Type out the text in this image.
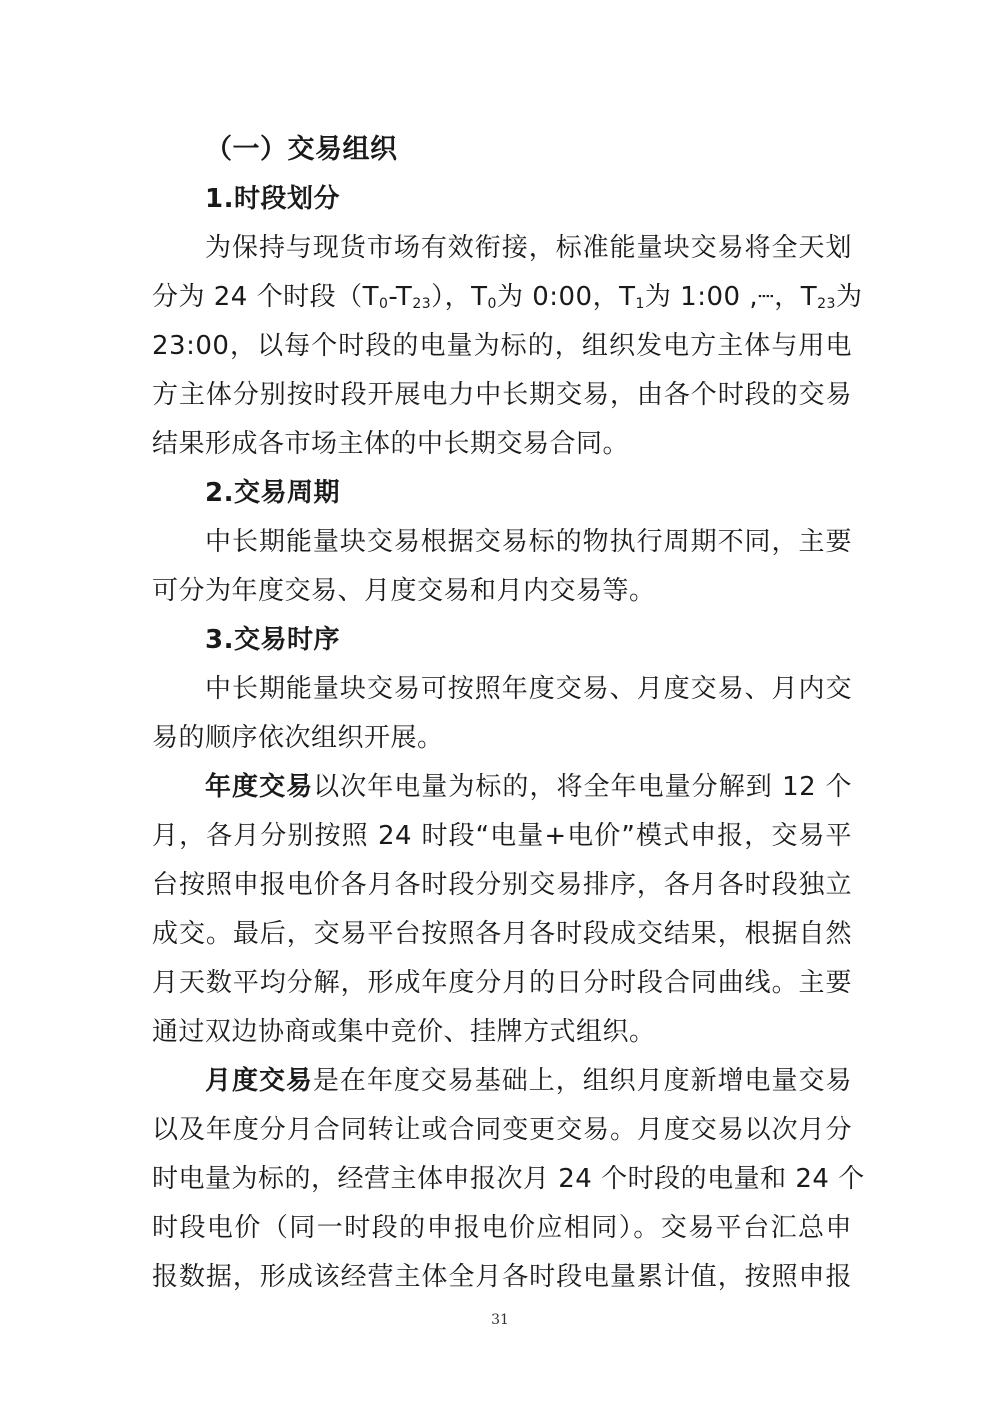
（一）交易组织
1.时段划分
为保持与现货市场有效衔接，标准能量块交易将全天划
分为 24 个时段$(T_0-T_{23})$，$T_0$为 0:00，$T_1$为 1:00 ,┈，$T_{23}$为
23:00，以每个时段的电量为标的，组织发电方主体与用电
方主体分别按时段开展电力中长期交易，由各个时段的交易
结果形成各市场主体的中长期交易合同。
2.交易周期
中长期能量块交易根据交易标的物执行周期不同，主要
可分为年度交易、月度交易和月内交易等。
3.交易时序
中长期能量块交易可按照年度交易、月度交易、月内交
易的顺序依次组织开展。
年度交易以次年电量为标的，将全年电量分解到 12 个
月，各月分别按照 24 时段“电量+电价”模式申报，交易平
台按照申报电价各月各时段分别交易排序，各月各时段独立
成交。最后，交易平台按照各月各时段成交结果，根据自然
月天数平均分解，形成年度分月的日分时段合同曲线。主要
通过双边协商或集中竞价、挂牌方式组织。
月度交易是在年度交易基础上，组织月度新增电量交易
以及年度分月合同转让或合同变更交易。月度交易以次月分
时电量为标的，经营主体申报次月 24 个时段的电量和 24 个
时段电价（同一时段的申报电价应相同）。交易平台汇总申
报数据，形成该经营主体全月各时段电量累计值，按照申报
31
